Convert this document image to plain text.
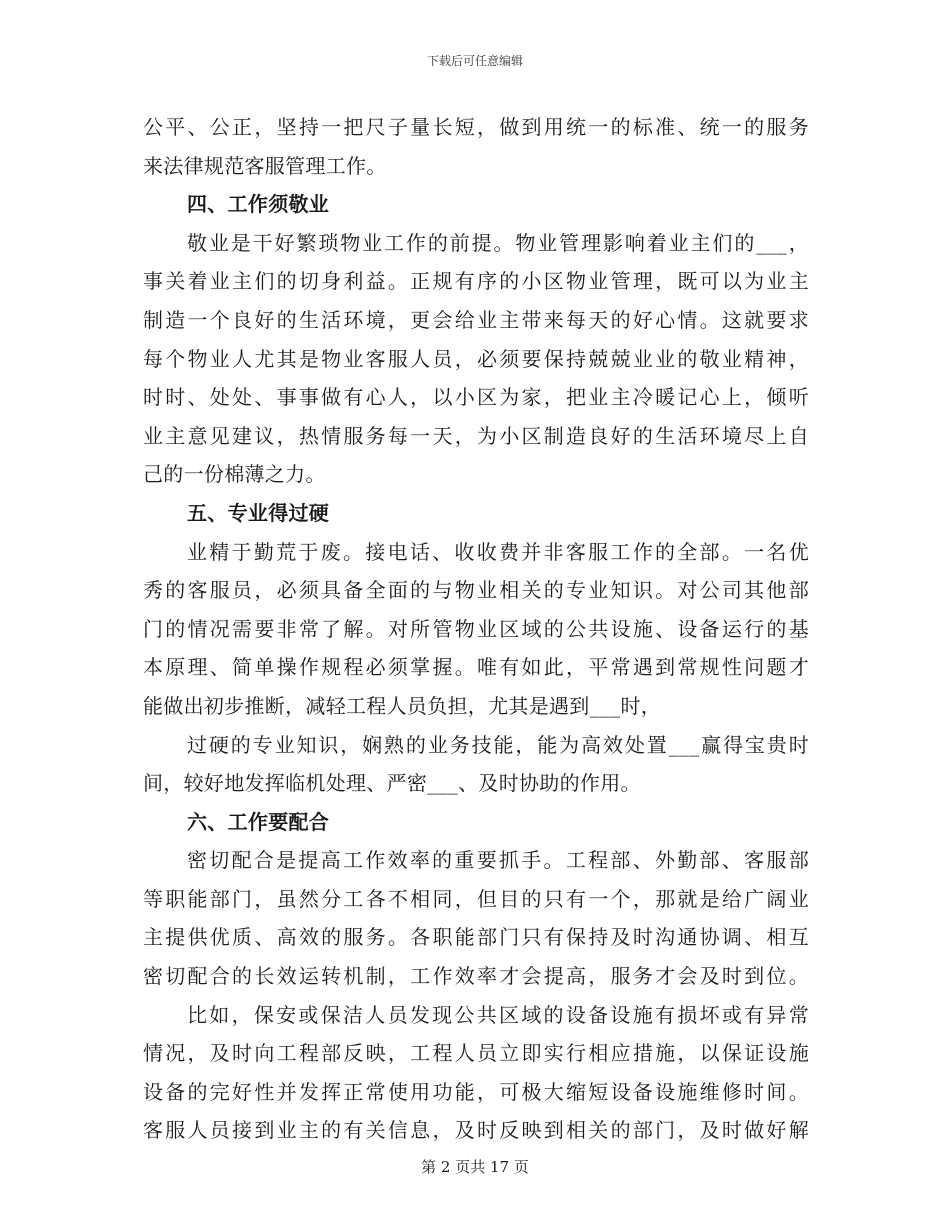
下载后可任意编辑
公平、公正，坚持一把尺子量长短，做到用统一的标准、统一的服务
来法律规范客服管理工作。
四、工作须敬业
敬业是干好繁琐物业工作的前提。物业管理影响着业主们的___，
事关着业主们的切身利益。正规有序的小区物业管理，既可以为业主
制造一个良好的生活环境，更会给业主带来每天的好心情。这就要求
每个物业人尤其是物业客服人员，必须要保持兢兢业业的敬业精神，
时时、处处、事事做有心人，以小区为家，把业主冷暖记心上，倾听
业主意见建议，热情服务每一天，为小区制造良好的生活环境尽上自
己的一份棉薄之力。
五、专业得过硬
业精于勤荒于废。接电话、收收费并非客服工作的全部。一名优
秀的客服员，必须具备全面的与物业相关的专业知识。对公司其他部
门的情况需要非常了解。对所管物业区域的公共设施、设备运行的基
本原理、简单操作规程必须掌握。唯有如此，平常遇到常规性问题才
能做出初步推断，减轻工程人员负担，尤其是遇到___时，
过硬的专业知识，娴熟的业务技能，能为高效处置___赢得宝贵时
间，较好地发挥临机处理、严密___、及时协助的作用。
六、工作要配合
密切配合是提高工作效率的重要抓手。工程部、外勤部、客服部
等职能部门，虽然分工各不相同，但目的只有一个，那就是给广阔业
主提供优质、高效的服务。各职能部门只有保持及时沟通协调、相互
密切配合的长效运转机制，工作效率才会提高，服务才会及时到位。
比如，保安或保洁人员发现公共区域的设备设施有损坏或有异常
情况，及时向工程部反映，工程人员立即实行相应措施，以保证设施
设备的完好性并发挥正常使用功能，可极大缩短设备设施维修时间。
客服人员接到业主的有关信息，及时反映到相关的部门，及时做好解
第 2 页共 17 页
